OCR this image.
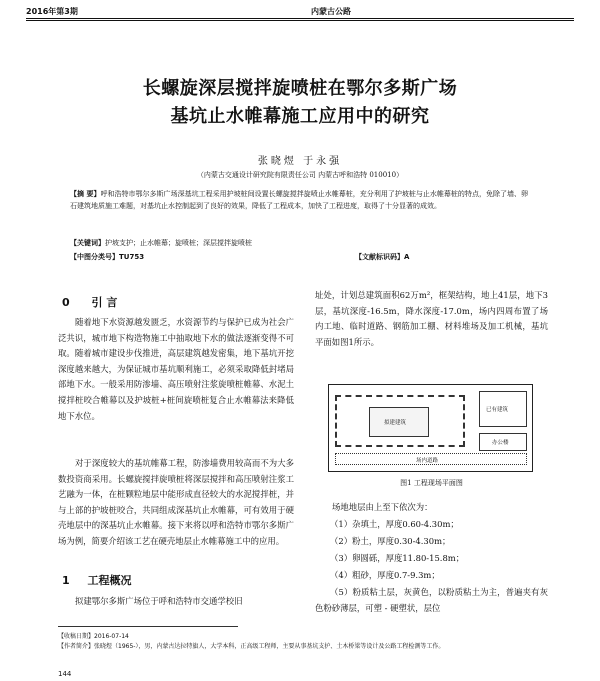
2016年第3期	内蒙古公路
长螺旋深层搅拌旋喷桩在鄂尔多斯广场
基坑止水帷幕施工应用中的研究
张晓煜 于永强
（内蒙古交通设计研究院有限责任公司 内蒙古呼和浩特 010010）
【摘 要】呼和浩特市鄂尔多斯广场深基坑工程采用护坡桩间设置长螺旋搅拌旋喷止水帷幕桩，充分利用了护坡桩与止水帷幕桩的特点，免除了墙、卵石建筑地质施工难题，对基坑止水控制起到了良好的效果，降低了工程成本，加快了工程进度，取得了十分显著的成效。
【关键词】护坡支护；止水帷幕；旋喷桩；深层搅拌旋喷桩
【中图分类号】TU753	【文献标识码】A
0 引 言
随着地下水资源越发匮乏，水资源节约与保护已成为社会广泛共识，城市地下构造物施工中抽取地下水的做法逐渐变得不可取。随着城市建设步伐推进，高层建筑越发密集，地下基坑开挖深度越来越大，为保证城市基坑顺利施工，必须采取降低封堵局部地下水。一般采用防渗墙、高压喷射注浆旋喷桩帷幕、水泥土搅拌桩咬合帷幕以及护坡桩+桩间旋喷桩复合止水帷幕法来降低地下水位。
对于深度较大的基坑帷幕工程，防渗墙费用较高而不为大多数投资商采用。长螺旋搅拌旋喷桩将深层搅拌和高压喷射注浆工艺融为一体，在桩颗粒地层中能形成直径较大的水泥搅拌桩，并与上部的护坡桩咬合，共同组成深基坑止水帷幕，可有效用于硬壳地层中的深基坑止水帷幕。接下来将以呼和浩特市鄂尔多斯广场为例，简要介绍该工艺在硬壳地层止水帷幕施工中的应用。
1 工程概况
拟建鄂尔多斯广场位于呼和浩特市交通学校旧
址处，计划总建筑面积62万m²，框架结构，地上41层，地下3层，基坑深度-16.5m，降水深度-17.0m，场内四周布置了场内工地、临时道路、钢筋加工棚、材料堆场及加工机械，基坑平面如图1所示。
拟建建筑
已有建筑
办公楼
场内道路
图1 工程现场平面图
场地地层由上至下依次为：
（1）杂填土，厚度0.60-4.30m；
（2）粉土，厚度0.30-4.30m；
（3）卵圆砾，厚度11.80-15.8m；
（4）粗砂，厚度0.7-9.3m；
（5）粉质粘土层，灰黄色，以粉质粘土为主，普遍夹有灰色粉砂薄层，可塑 - 硬塑状，层位
【收稿日期】2016-07-14
【作者简介】张晓煜（1965-），男，内蒙古达拉特旗人，大学本科，正高级工程师，主要从事基坑支护、土木桥梁等设计及公路工程检测等工作。
144
